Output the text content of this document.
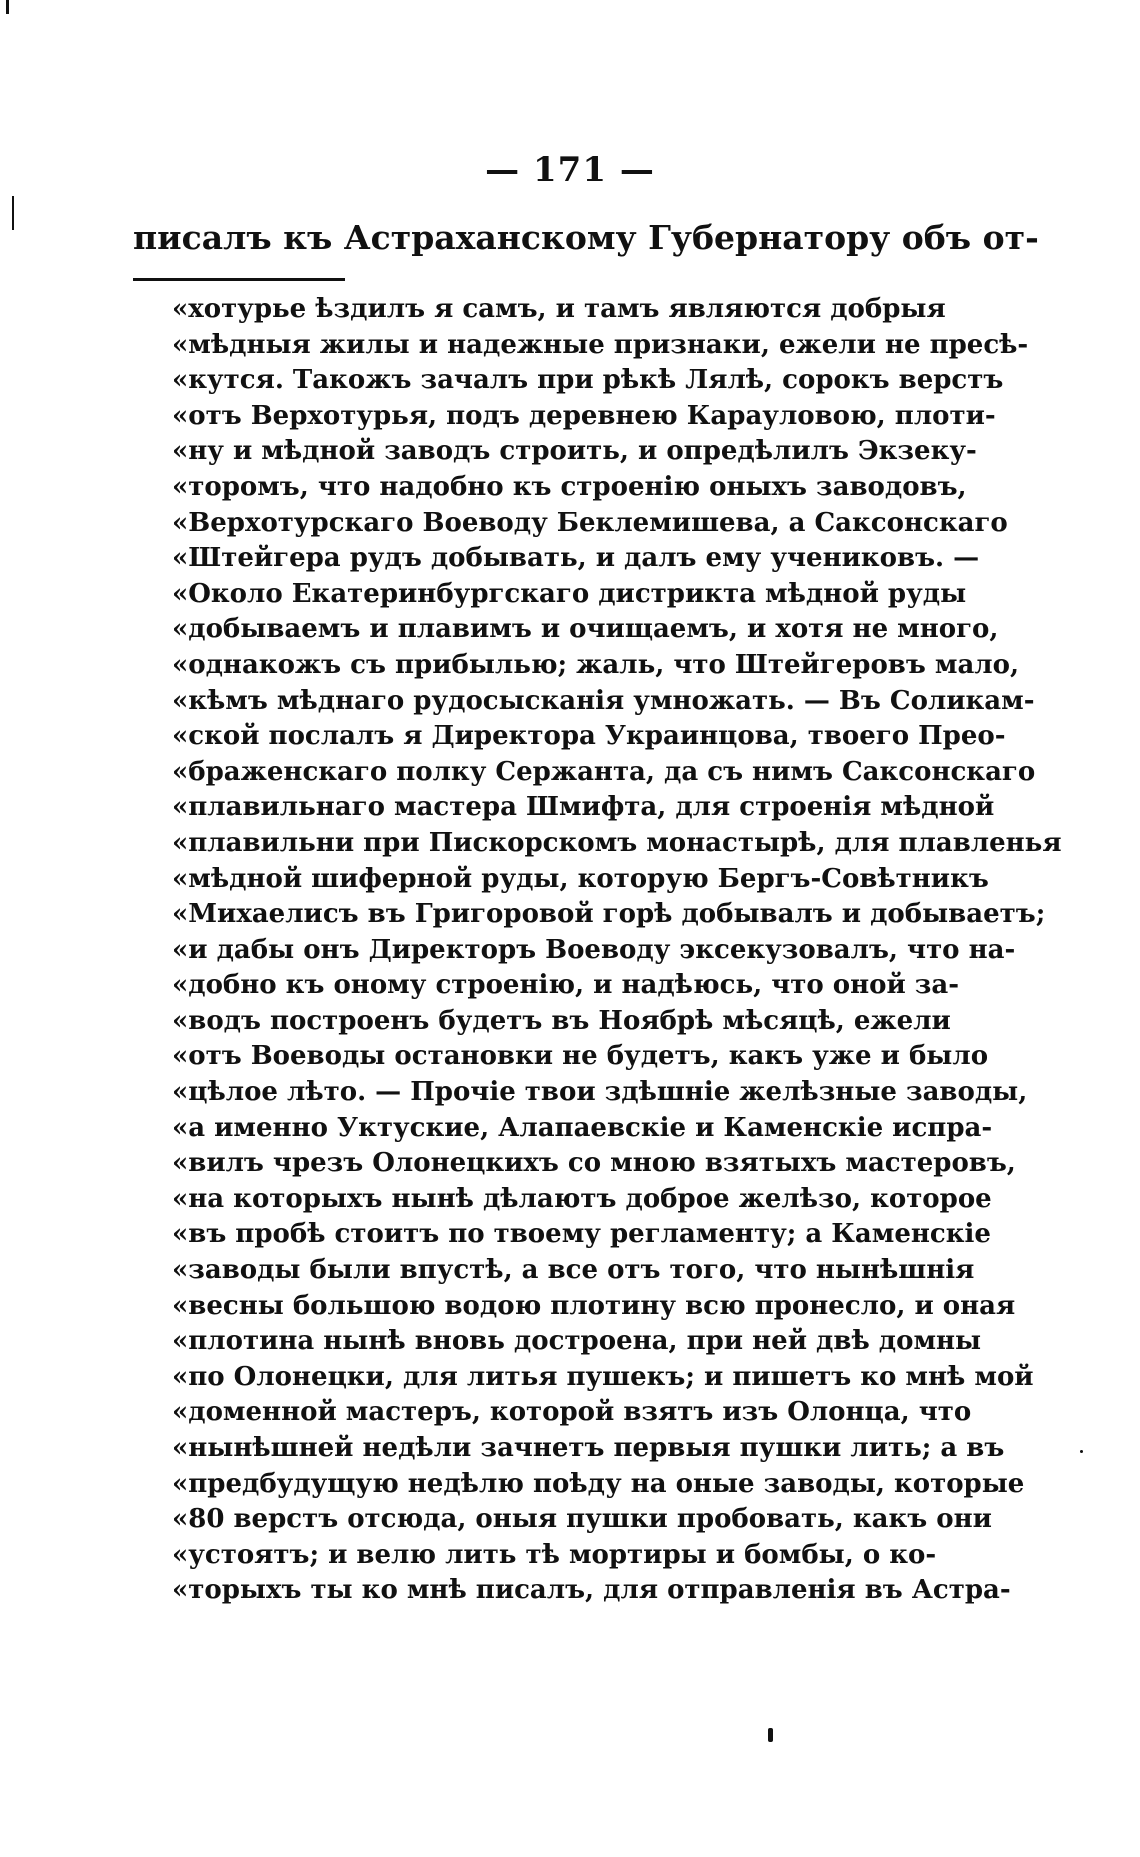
— 171 —
писалъ къ Астраханскому Губернатору объ от-
«хотурье ѣздилъ я самъ, и тамъ являются добрыя
«мѣдныя жилы и надежные признаки, ежели не пресѣ-
«кутся. Такожъ зачалъ при рѣкѣ Лялѣ, сорокъ верстъ
«отъ Верхотурья, подъ деревнею Карауловою, плоти-
«ну и мѣдной заводъ строить, и опредѣлилъ Экзеку-
«торомъ, что надобно къ строенію оныхъ заводовъ,
«Верхотурскаго Воеводу Беклемишева, а Саксонскаго
«Штейгера рудъ добывать, и далъ ему учениковъ. —
«Около Екатеринбургскаго дистрикта мѣдной руды
«добываемъ и плавимъ и очищаемъ, и хотя не много,
«однакожъ съ прибылью; жаль, что Штейгеровъ мало,
«кѣмъ мѣднаго рудосысканія умножать. — Въ Соликам-
«ской послалъ я Директора Украинцова, твоего Прео-
«браженскаго полку Сержанта, да съ нимъ Саксонскаго
«плавильнаго мастера Шмифта, для строенія мѣдной
«плавильни при Пискорскомъ монастырѣ, для плавленья
«мѣдной шиферной руды, которую Бергъ-Совѣтникъ
«Михаелисъ въ Григоровой горѣ добывалъ и добываетъ;
«и дабы онъ Директоръ Воеводу эксекузовалъ, что на-
«добно къ оному строенію, и надѣюсь, что оной за-
«водъ построенъ будетъ въ Ноябрѣ мѣсяцѣ, ежели
«отъ Воеводы остановки не будетъ, какъ уже и было
«цѣлое лѣто. — Прочіе твои здѣшніе желѣзные заводы,
«а именно Уктуские, Алапаевскіе и Каменскіе испра-
«вилъ чрезъ Олонецкихъ со мною взятыхъ мастеровъ,
«на которыхъ нынѣ дѣлаютъ доброе желѣзо, которое
«въ пробѣ стоитъ по твоему регламенту; а Каменскіе
«заводы были впустѣ, а все отъ того, что нынѣшнія
«весны большою водою плотину всю пронесло, и оная
«плотина нынѣ вновь достроена, при ней двѣ домны
«по Олонецки, для литья пушекъ; и пишетъ ко мнѣ мой
«доменной мастеръ, которой взятъ изъ Олонца, что
«нынѣшней недѣли зачнетъ первыя пушки лить; а въ
«предбудущую недѣлю поѣду на оные заводы, которые
«80 верстъ отсюда, оныя пушки пробовать, какъ они
«устоятъ; и велю лить тѣ мортиры и бомбы, о ко-
«торыхъ ты ко мнѣ писалъ, для отправленія въ Астра-
